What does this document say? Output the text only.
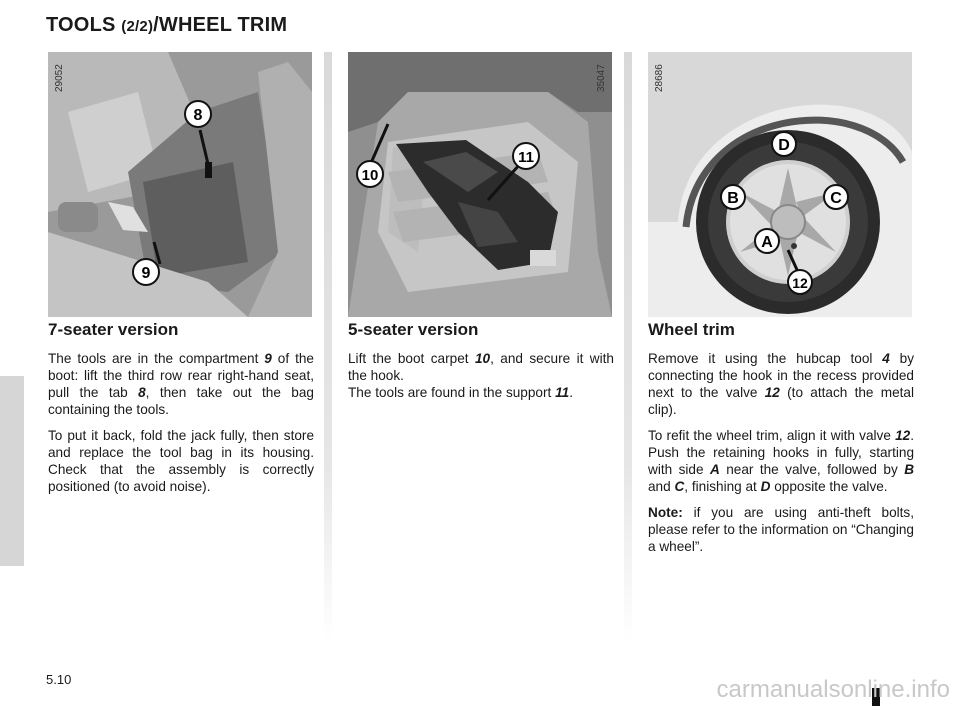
TOOLS (2/2)/WHEEL TRIM
8
9
29052
10
11
35047
D
B	C
A
12
28686
7-seater version

The tools are in the compartment 9 of the boot: lift the third row rear right-hand seat, pull the tab 8, then take out the bag containing the tools.

To put it back, fold the jack fully, then store and replace the tool bag in its housing. Check that the assembly is correctly positioned (to avoid noise).

5-seater version

Lift the boot carpet 10, and secure it with the hook.

The tools are found in the support 11.

Wheel trim

Remove it using the hubcap tool 4 by connecting the hook in the recess provided next to the valve 12 (to attach the metal clip).

To refit the wheel trim, align it with valve 12. Push the retaining hooks in fully, starting with side A near the valve, followed by B and C, finishing at D opposite the valve.

Note: if you are using anti-theft bolts, please refer to the information on “Changing a wheel”.

5.10	carmanualsonline.info
